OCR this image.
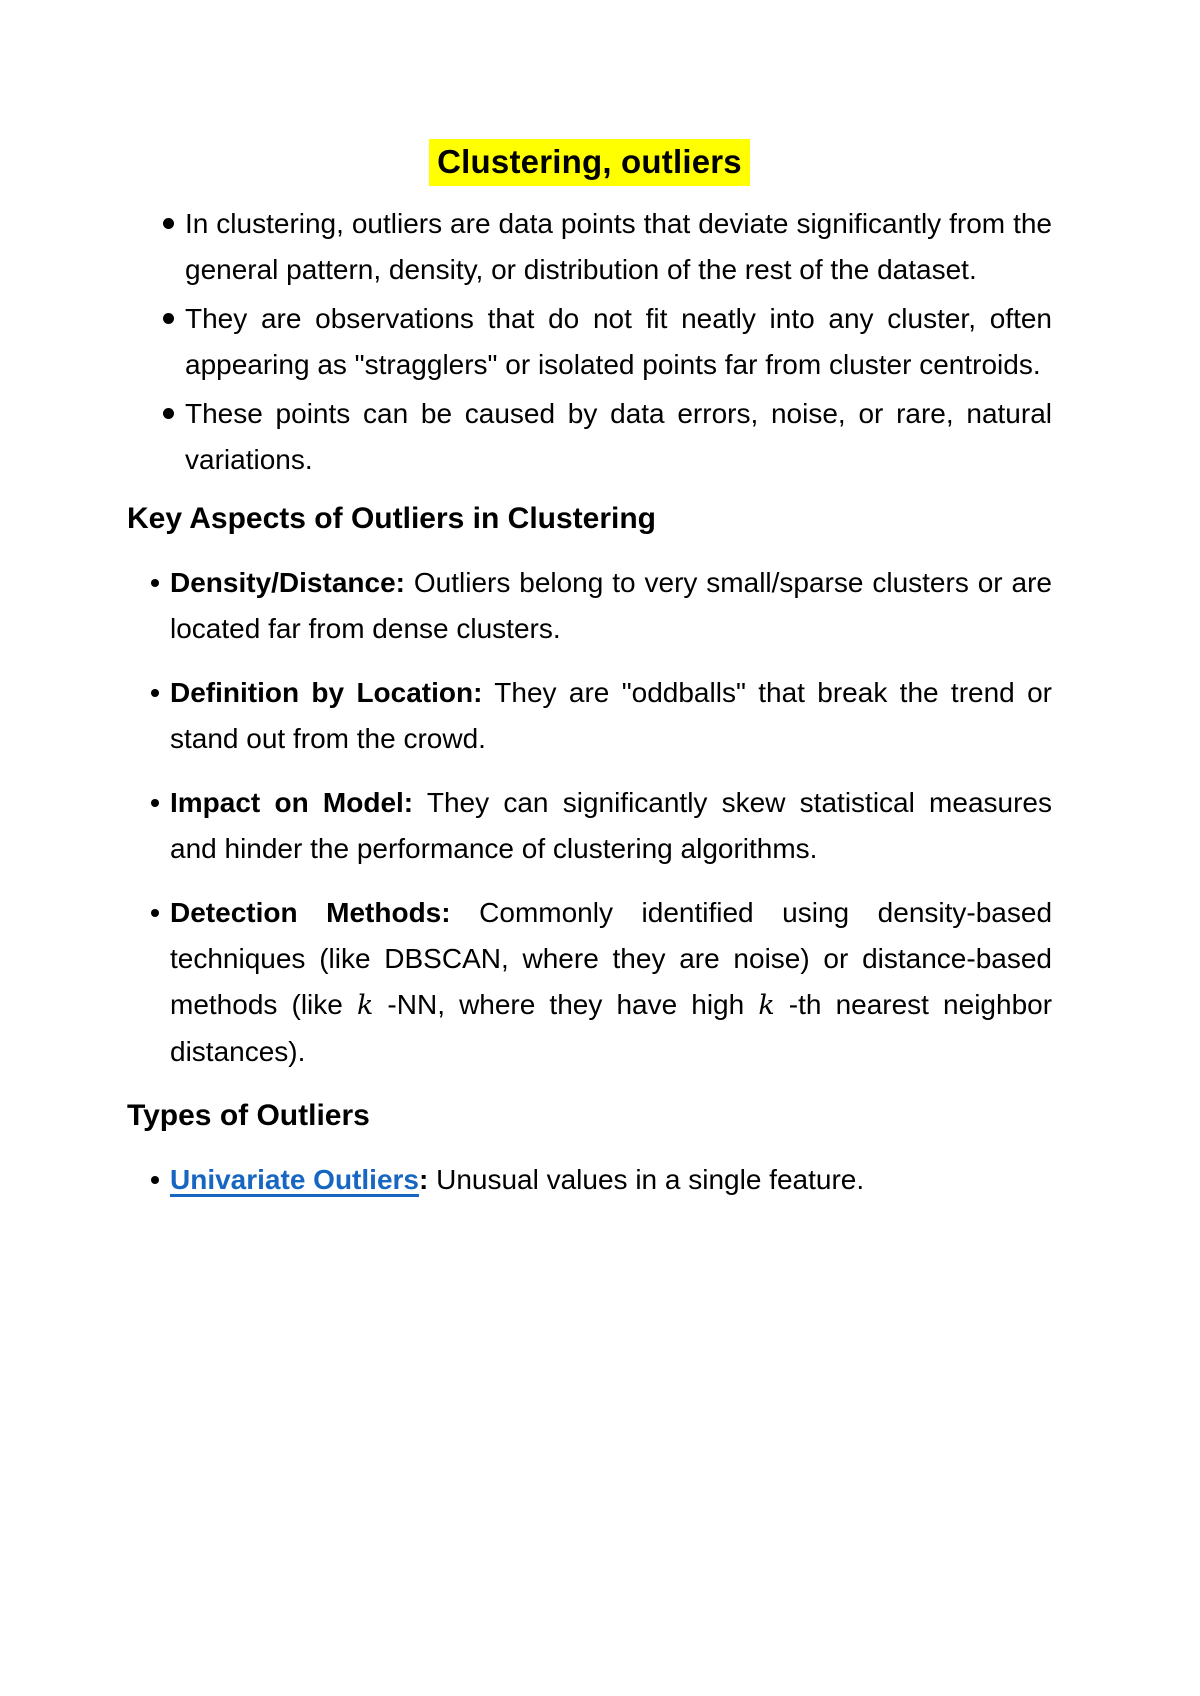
Clustering, outliers
In clustering, outliers are data points that deviate significantly from the general pattern, density, or distribution of the rest of the dataset.
They are observations that do not fit neatly into any cluster, often appearing as "stragglers" or isolated points far from cluster centroids.
These points can be caused by data errors, noise, or rare, natural variations.
Key Aspects of Outliers in Clustering
Density/Distance: Outliers belong to very small/sparse clusters or are located far from dense clusters.
Definition by Location: They are "oddballs" that break the trend or stand out from the crowd.
Impact on Model: They can significantly skew statistical measures and hinder the performance of clustering algorithms.
Detection Methods: Commonly identified using density-based techniques (like DBSCAN, where they are noise) or distance-based methods (like k -NN, where they have high k -th nearest neighbor distances).
Types of Outliers
Univariate Outliers: Unusual values in a single feature.
